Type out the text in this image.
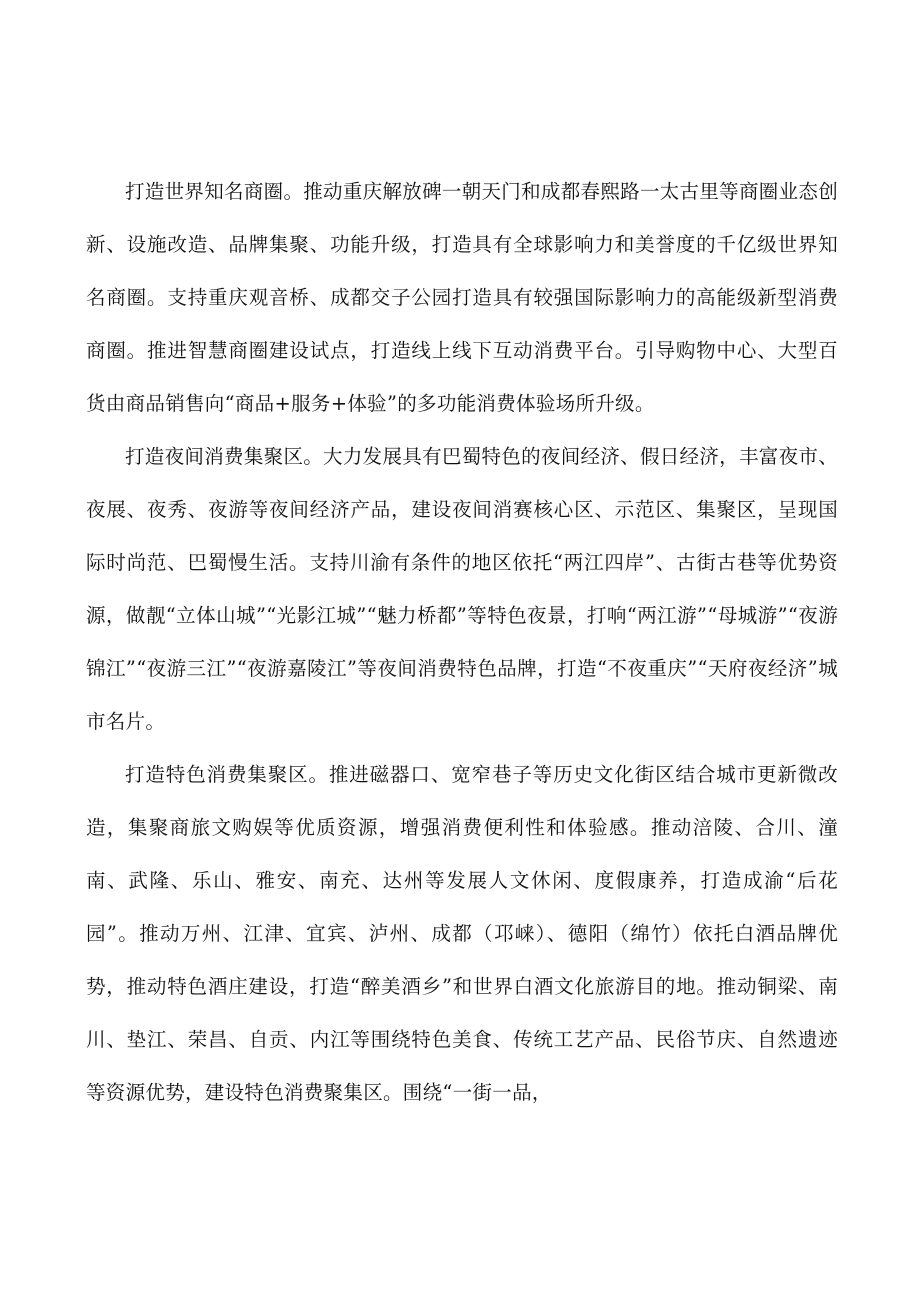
打造世界知名商圈。推动重庆解放碑一朝天门和成都春熙路一太古里等商圈业态创新、设施改造、品牌集聚、功能升级，打造具有全球影响力和美誉度的千亿级世界知名商圈。支持重庆观音桥、成都交子公园打造具有较强国际影响力的高能级新型消费商圈。推进智慧商圈建设试点，打造线上线下互动消费平台。引导购物中心、大型百货由商品销售向“商品+服务+体验”的多功能消费体验场所升级。

打造夜间消费集聚区。大力发展具有巴蜀特色的夜间经济、假日经济，丰富夜市、夜展、夜秀、夜游等夜间经济产品，建设夜间消赛核心区、示范区、集聚区，呈现国际时尚范、巴蜀慢生活。支持川渝有条件的地区依托“两江四岸”、古街古巷等优势资源，做靓“立体山城”“光影江城”“魅力桥都”等特色夜景，打响“两江游”“母城游”“夜游锦江”“夜游三江”“夜游嘉陵江”等夜间消费特色品牌，打造“不夜重庆”“天府夜经济”城市名片。

打造特色消费集聚区。推进磁器口、宽窄巷子等历史文化街区结合城市更新微改造，集聚商旅文购娱等优质资源，增强消费便利性和体验感。推动涪陵、合川、潼南、武隆、乐山、雅安、南充、达州等发展人文休闲、度假康养，打造成渝“后花园”。推动万州、江津、宜宾、泸州、成都（邛崃）、德阳（绵竹）依托白酒品牌优势，推动特色酒庄建设，打造“醉美酒乡”和世界白酒文化旅游目的地。推动铜梁、南川、垫江、荣昌、自贡、内江等围绕特色美食、传统工艺产品、民俗节庆、自然遗迹等资源优势，建设特色消费聚集区。围绕“一街一品，
